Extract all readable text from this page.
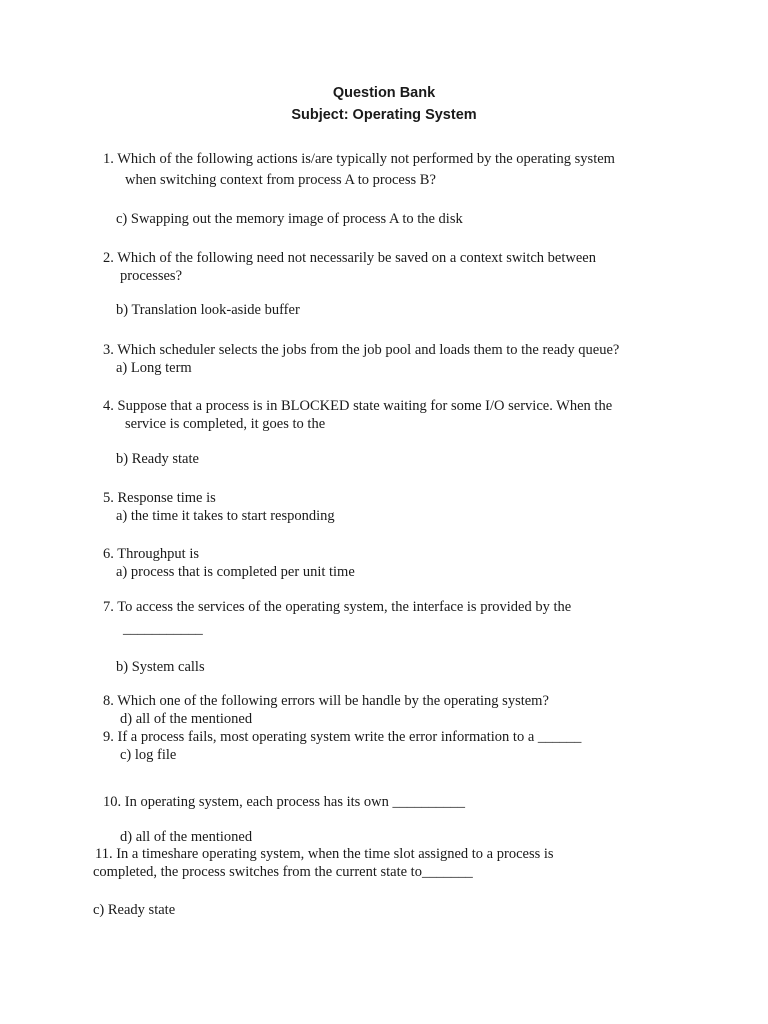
Question Bank
Subject: Operating System
1. Which of the following actions is/are typically not performed by the operating system
when switching context from process A to process B?
c) Swapping out the memory image of process A to the disk
2. Which of the following need not necessarily be saved on a context switch between
processes?
b) Translation look-aside buffer
3. Which scheduler selects the jobs from the job pool and loads them to the ready queue?
a) Long term
4. Suppose that a process is in BLOCKED state waiting for some I/O service. When the
service is completed, it goes to the
b) Ready state
5. Response time is
a) the time it takes to start responding
6. Throughput is
a) process that is completed per unit time
7. To access the services of the operating system, the interface is provided by the
___________
b) System calls
8. Which one of the following errors will be handle by the operating system?
d) all of the mentioned
9. If a process fails, most operating system write the error information to a ______
c) log file
10. In operating system, each process has its own __________
d) all of the mentioned
11. In a timeshare operating system, when the time slot assigned to a process is
completed, the process switches from the current state to_______
c) Ready state
